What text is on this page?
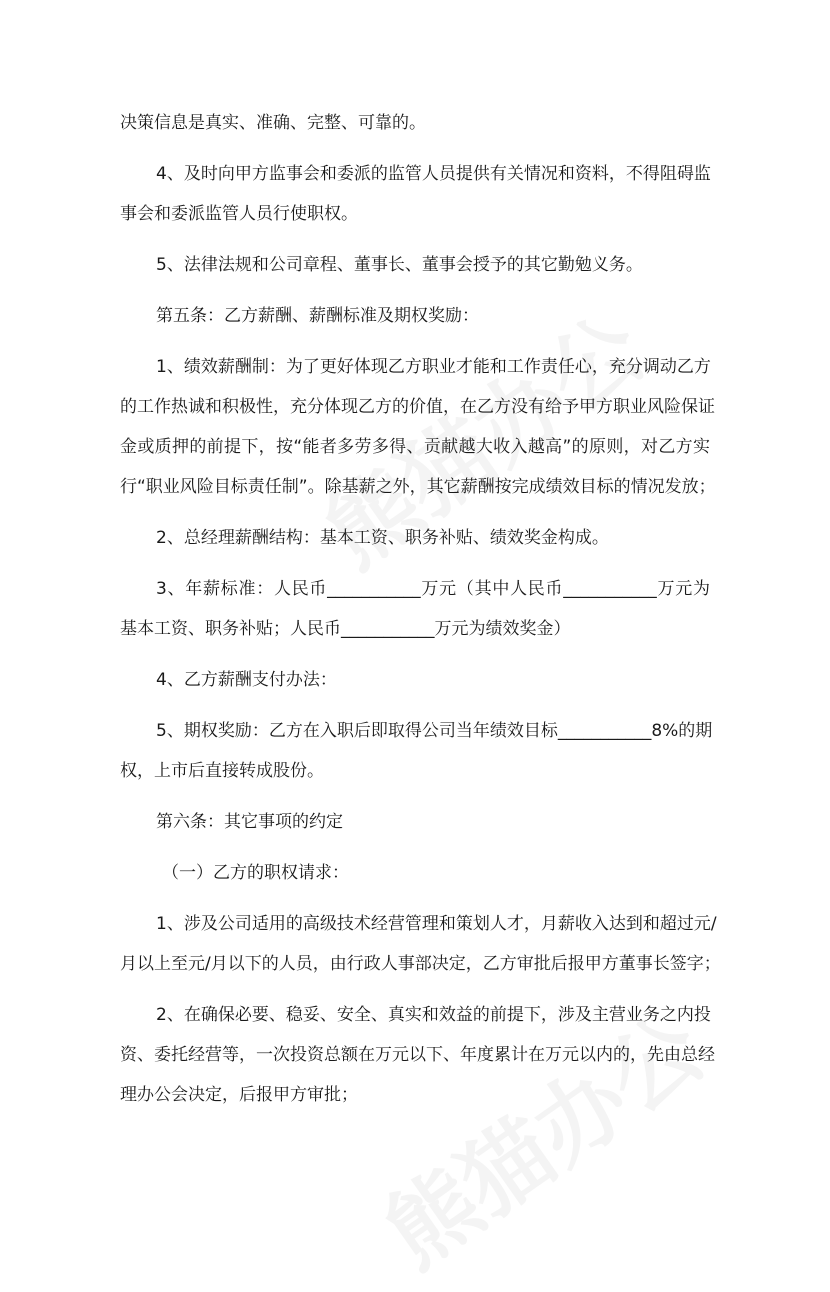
决策信息是真实、准确、完整、可靠的。

4、及时向甲方监事会和委派的监管人员提供有关情况和资料，不得阻碍监

事会和委派监管人员行使职权。

5、法律法规和公司章程、董事长、董事会授予的其它勤勉义务。

第五条：乙方薪酬、薪酬标准及期权奖励：

1、绩效薪酬制：为了更好体现乙方职业才能和工作责任心，充分调动乙方

的工作热诚和积极性，充分体现乙方的价值，在乙方没有给予甲方职业风险保证

金或质押的前提下，按“能者多劳多得、贡献越大收入越高”的原则，对乙方实

行“职业风险目标责任制”。除基薪之外，其它薪酬按完成绩效目标的情况发放；

2、总经理薪酬结构：基本工资、职务补贴、绩效奖金构成。

3、年薪标准：人民币___________万元（其中人民币___________万元为

基本工资、职务补贴；人民币___________万元为绩效奖金）

4、乙方薪酬支付办法：

5、期权奖励：乙方在入职后即取得公司当年绩效目标___________8%的期

权，上市后直接转成股份。

第六条：其它事项的约定

（一）乙方的职权请求：

1、涉及公司适用的高级技术经营管理和策划人才，月薪收入达到和超过元/

月以上至元/月以下的人员，由行政人事部决定，乙方审批后报甲方董事长签字；

2、在确保必要、稳妥、安全、真实和效益的前提下，涉及主营业务之内投

资、委托经营等，一次投资总额在万元以下、年度累计在万元以内的，先由总经

理办公会决定，后报甲方审批；
